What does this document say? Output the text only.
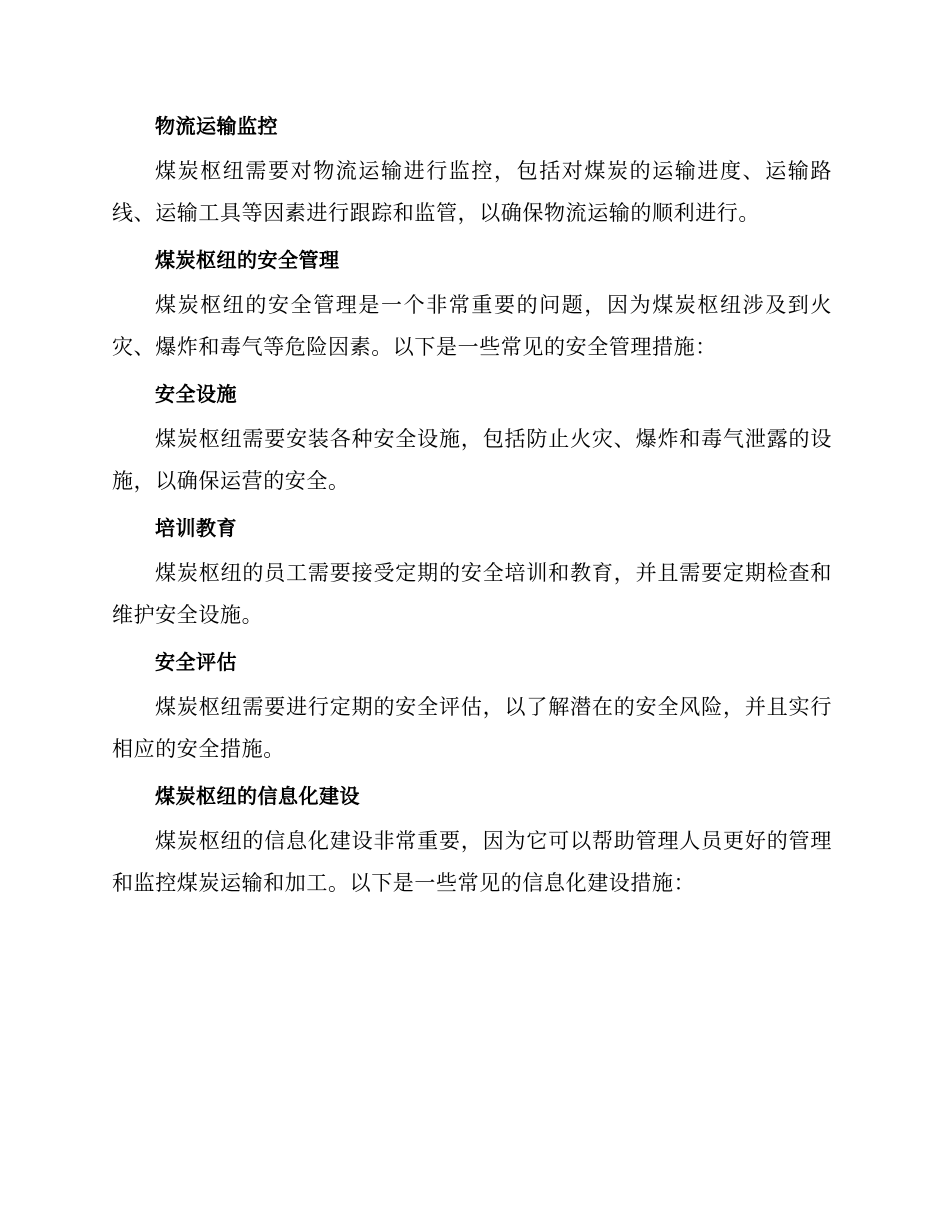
物流运输监控

煤炭枢纽需要对物流运输进行监控，包括对煤炭的运输进度、运输路线、运输工具等因素进行跟踪和监管，以确保物流运输的顺利进行。

煤炭枢纽的安全管理

煤炭枢纽的安全管理是一个非常重要的问题，因为煤炭枢纽涉及到火灾、爆炸和毒气等危险因素。以下是一些常见的安全管理措施：

安全设施

煤炭枢纽需要安装各种安全设施，包括防止火灾、爆炸和毒气泄露的设施，以确保运营的安全。

培训教育

煤炭枢纽的员工需要接受定期的安全培训和教育，并且需要定期检查和维护安全设施。

安全评估

煤炭枢纽需要进行定期的安全评估，以了解潜在的安全风险，并且实行相应的安全措施。

煤炭枢纽的信息化建设

煤炭枢纽的信息化建设非常重要，因为它可以帮助管理人员更好的管理和监控煤炭运输和加工。以下是一些常见的信息化建设措施：
